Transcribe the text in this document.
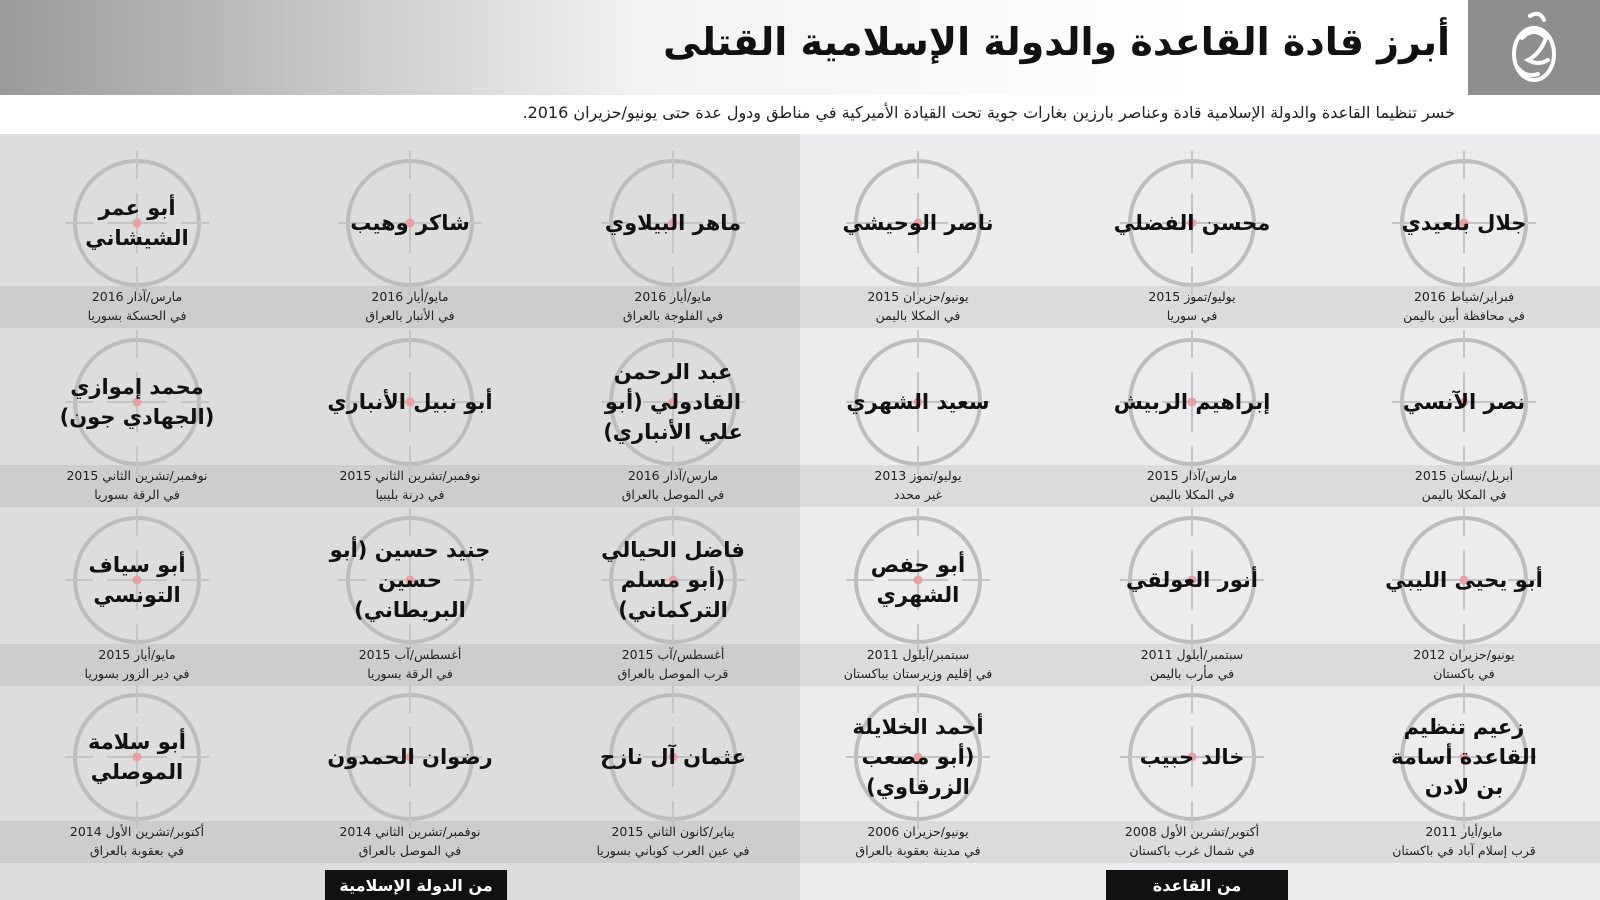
أبرز قادة القاعدة والدولة الإسلامية القتلى

خسر تنظيما القاعدة والدولة الإسلامية قادة وعناصر بارزين بغارات جوية تحت القيادة الأميركية في مناطق ودول عدة حتى يونيو/حزيران 2016.

جلال بلعيدي
فبراير/شباط 2016
في محافظة أبين باليمن
محسن الفضلي
يوليو/تموز 2015
في سوريا
ناصر الوحيشي
يونيو/حزيران 2015
في المكلا باليمن
ماهر البيلاوي
مايو/أيار 2016
في الفلوجة بالعراق
شاكر وهيب
مايو/أيار 2016
في الأنبار بالعراق
أبو عمر الشيشاني
مارس/آذار 2016
في الحسكة بسوريا
نصر الآنسي
أبريل/نيسان 2015
في المكلا باليمن
إبراهيم الربيش
مارس/آذار 2015
في المكلا باليمن
سعيد الشهري
يوليو/تموز 2013
غير محدد
عبد الرحمن القادولي (أبو علي الأنباري)
مارس/آذار 2016
في الموصل بالعراق
أبو نبيل الأنباري
نوفمبر/تشرين الثاني 2015
في درنة بليبيا
محمد إموازي (الجهادي جون)
نوفمبر/تشرين الثاني 2015
في الرقة بسوريا
أبو يحيى الليبي
يونيو/حزيران 2012
في باكستان
أنور العولقي
سبتمبر/أيلول 2011
في مأرب باليمن
أبو حفص الشهري
سبتمبر/أيلول 2011
في إقليم وزيرستان بباكستان
فاضل الحيالي (أبو مسلم التركماني)
أغسطس/آب 2015
قرب الموصل بالعراق
جنيد حسين (أبو حسين البريطاني)
أغسطس/آب 2015
في الرقة بسوريا
أبو سياف التونسي
مايو/أيار 2015
في دير الزور بسوريا
زعيم تنظيم القاعدة أسامة بن لادن
مايو/أيار 2011
قرب إسلام آباد في باكستان
خالد حبيب
أكتوبر/تشرين الأول 2008
في شمال غرب باكستان
أحمد الخلايلة (أبو مصعب الزرقاوي)
يونيو/حزيران 2006
في مدينة بعقوبة بالعراق
عثمان آل نازح
يناير/كانون الثاني 2015
في عين العرب كوباني بسوريا
رضوان الحمدون
نوفمبر/تشرين الثاني 2014
في الموصل بالعراق
أبو سلامة الموصلي
أكتوبر/تشرين الأول 2014
في بعقوبة بالعراق
من القاعدة
من الدولة الإسلامية
